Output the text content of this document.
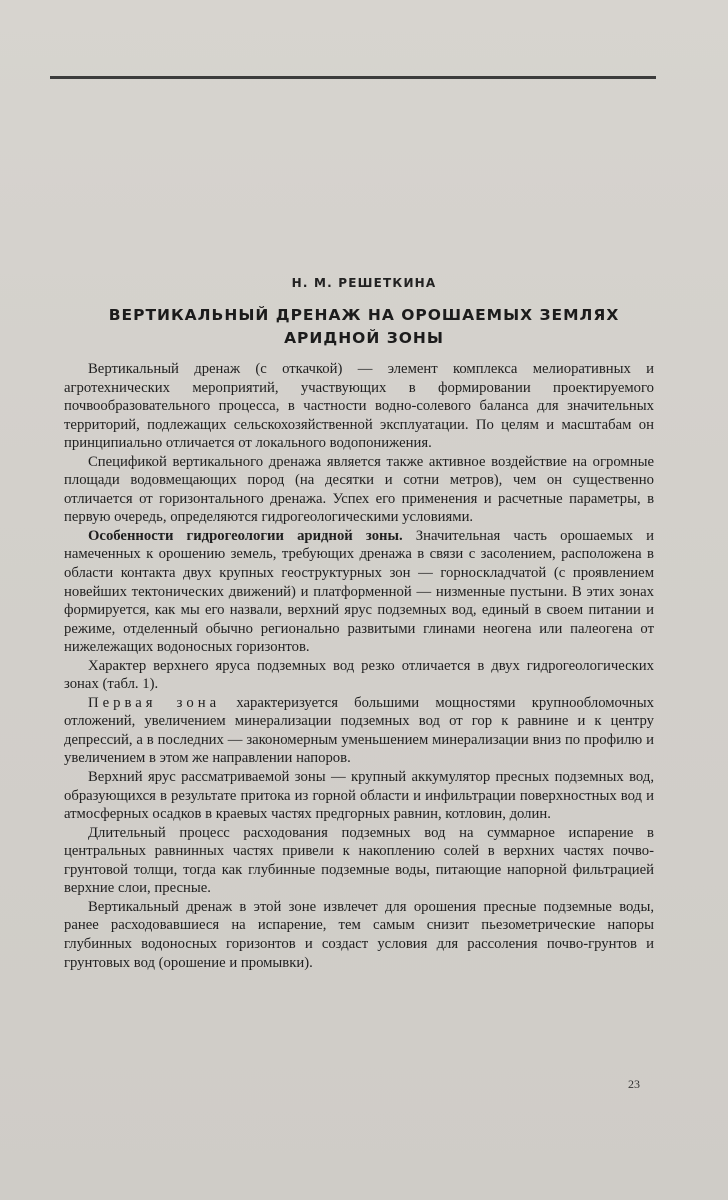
Н. М. РЕШЕТКИНА

ВЕРТИКАЛЬНЫЙ ДРЕНАЖ НА ОРОШАЕМЫХ ЗЕМЛЯХ
АРИДНОЙ ЗОНЫ

Вертикальный дренаж (с откачкой) — элемент комплекса мелиоративных и агротехнических мероприятий, участвующих в формировании проектируемого почвообразовательного процесса, в частности водно-солевого баланса для значительных территорий, подлежащих сельскохозяйственной эксплуатации. По целям и масштабам он принципиально отличается от локального водопонижения.

Спецификой вертикального дренажа является также активное воздействие на огромные площади водовмещающих пород (на десятки и сотни метров), чем он существенно отличается от горизонтального дренажа. Успех его применения и расчетные параметры, в первую очередь, определяются гидрогеологическими условиями.

Особенности гидрогеологии аридной зоны. Значительная часть орошаемых и намеченных к орошению земель, требующих дренажа в связи с засолением, расположена в области контакта двух крупных геоструктурных зон — горноскладчатой (с проявлением новейших тектонических движений) и платформенной — низменные пустыни. В этих зонах формируется, как мы его назвали, верхний ярус подземных вод, единый в своем питании и режиме, отделенный обычно регионально развитыми глинами неогена или палеогена от нижележащих водоносных горизонтов.

Характер верхнего яруса подземных вод резко отличается в двух гидрогеологических зонах (табл. 1).

Первая зона характеризуется большими мощностями крупнообломочных отложений, увеличением минерализации подземных вод от гор к равнине и к центру депрессий, а в последних — закономерным уменьшением минерализации вниз по профилю и увеличением в этом же направлении напоров.

Верхний ярус рассматриваемой зоны — крупный аккумулятор пресных подземных вод, образующихся в результате притока из горной области и инфильтрации поверхностных вод и атмосферных осадков в краевых частях предгорных равнин, котловин, долин.

Длительный процесс расходования подземных вод на суммарное испарение в центральных равнинных частях привели к накоплению солей в верхних частях почво-грунтовой толщи, тогда как глубинные подземные воды, питающие напорной фильтрацией верхние слои, пресные.

Вертикальный дренаж в этой зоне извлечет для орошения пресные подземные воды, ранее расходовавшиеся на испарение, тем самым снизит пьезометрические напоры глубинных водоносных горизонтов и создаст условия для рассоления почво-грунтов и грунтовых вод (орошение и промывки).

23
